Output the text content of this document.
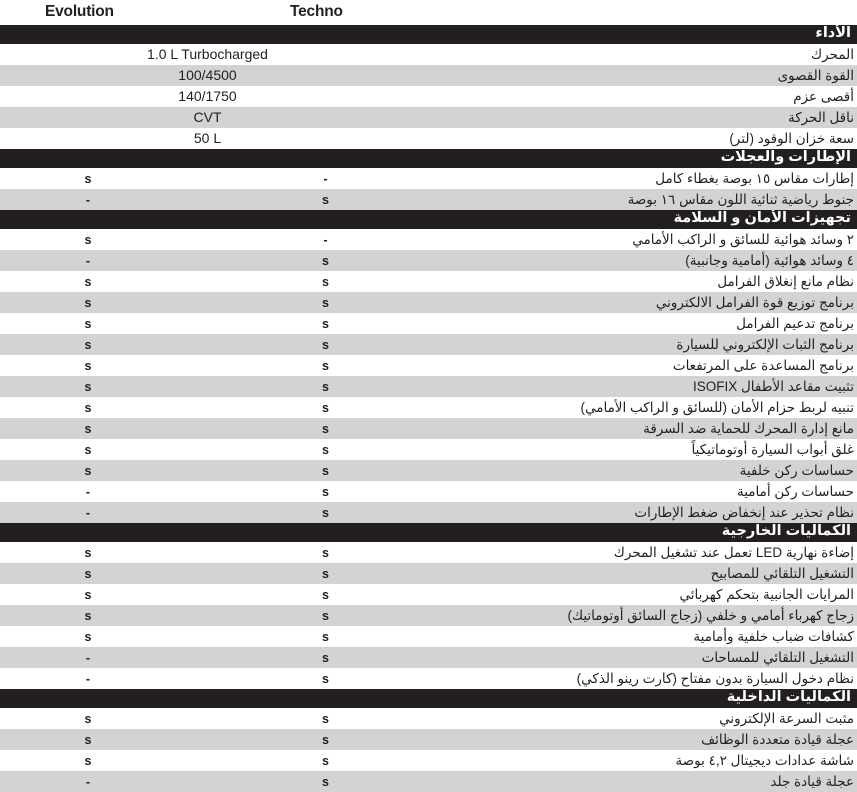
Evolution	Techno
الأداء
المحرك
1.0 L Turbocharged
القوة القصوى
100/4500
أقصى عزم
140/1750
ناقل الحركة
CVT
سعة خزان الوقود (لتر)
50 L
الإطارات والعجلات
إطارات مقاس ١٥ بوصة بغطاء كامل
s	-
جنوط رياضية ثنائية اللون مقاس ١٦ بوصة
-	s
تجهيزات الأمان و السلامة
٢ وسائد هوائية للسائق و الراكب الأمامي
s	-
٤ وسائد هوائية (أمامية وجانبية)
-	s
نظام مانع إنغلاق الفرامل
s	s
برنامج توزيع قوة الفرامل الالكتروني
s	s
برنامج تدعيم الفرامل
s	s
برنامج الثبات الإلكتروني للسيارة
s	s
برنامج المساعدة على المرتفعات
s	s
تثبيت مقاعد الأطفال ISOFIX
s	s
تنبيه لربط حزام الأمان (للسائق و الراكب الأمامي)
s	s
مانع إدارة المحرك للحماية ضد السرقة
s	s
غلق أبواب السيارة أوتوماتيكياً
s	s
حساسات ركن خلفية
s	s
حساسات ركن أمامية
-	s
نظام تحذير عند إنخفاض ضغط الإطارات
-	s
الكماليات الخارجية
إضاءة نهارية LED تعمل عند تشغيل المحرك
s	s
التشغيل التلقائي للمصابيح
s	s
المرايات الجانبية بتحكم كهربائي
s	s
زجاج كهرباء أمامي و خلفي (زجاج السائق أوتوماتيك)
s	s
كشافات ضباب خلفية وأمامية
s	s
التشغيل التلقائي للمساحات
-	s
نظام دخول السيارة بدون مفتاح (كارت رينو الذكي)
-	s
الكماليات الداخلية
مثبت السرعة الإلكتروني
s	s
عجلة قيادة متعددة الوظائف
s	s
شاشة عدادات ديجيتال ٤,٢ بوصة
s	s
عجلة قيادة جلد
-	s
